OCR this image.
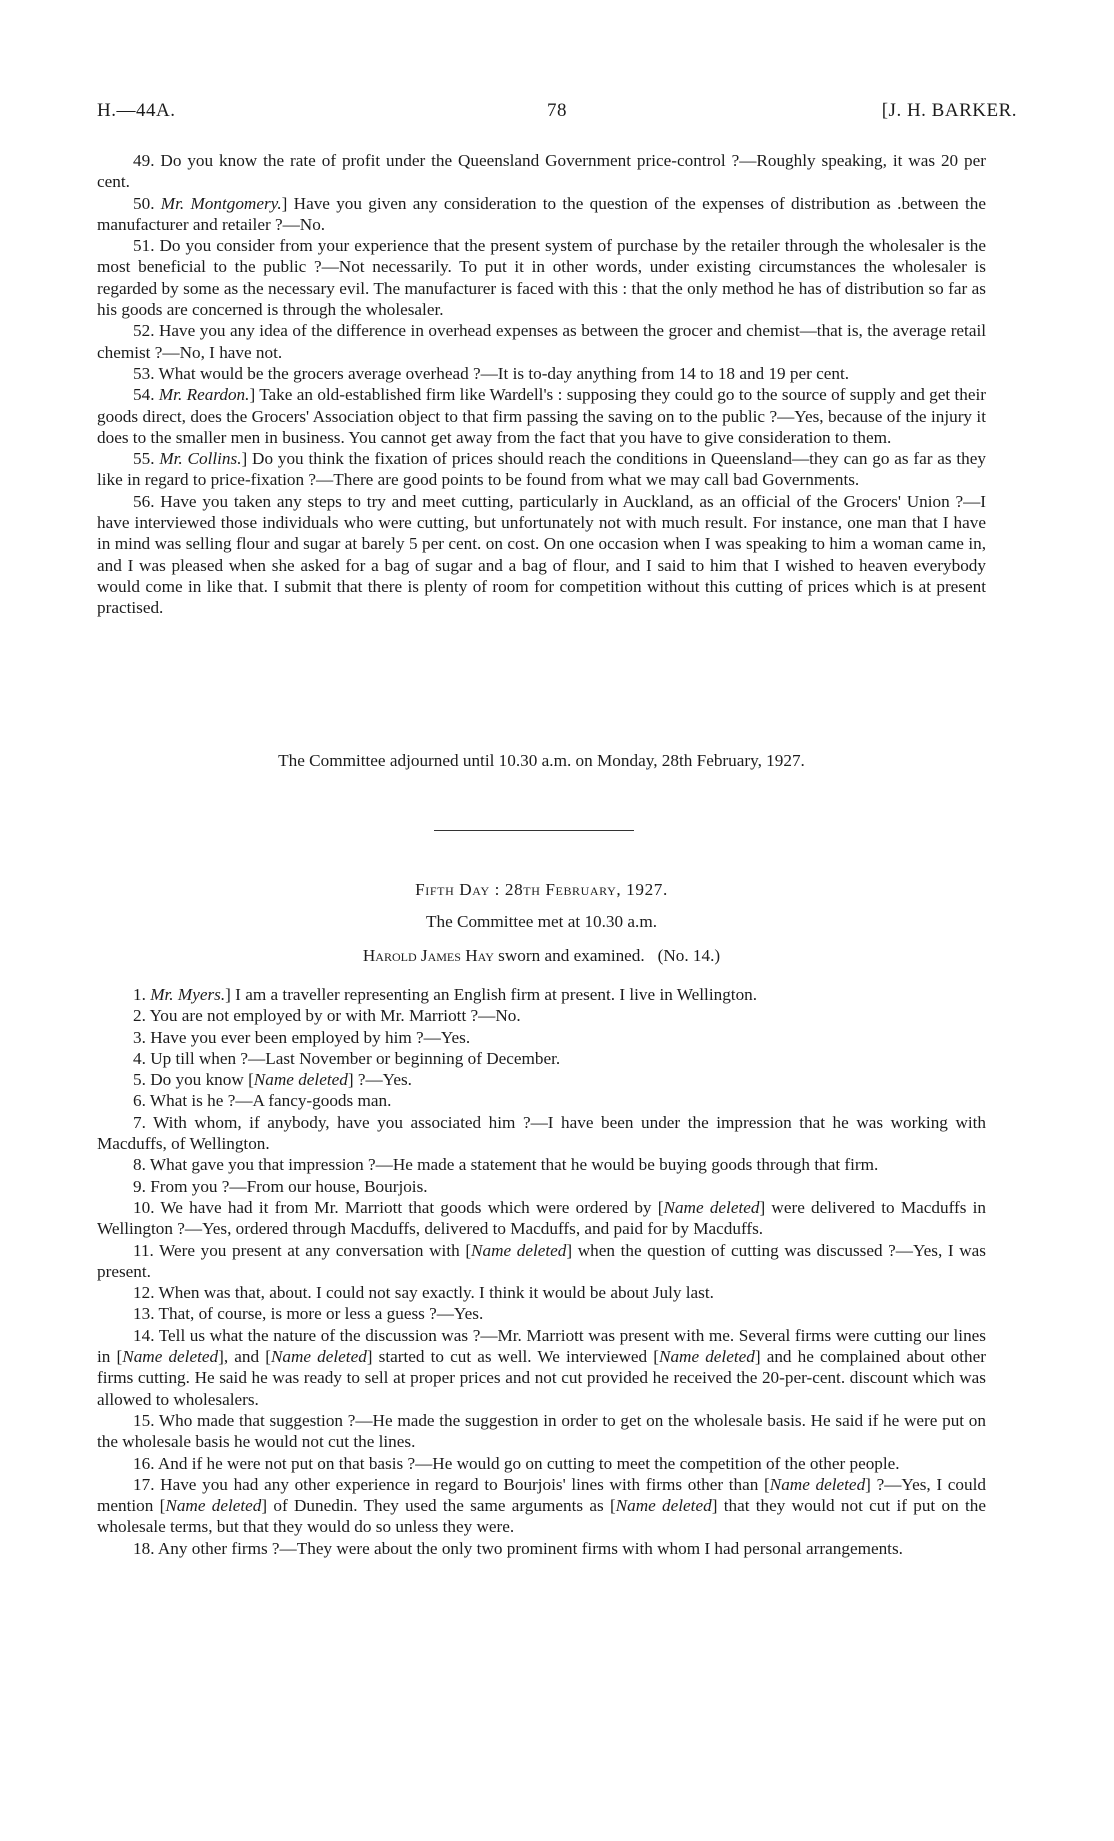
H.—44A.	78	[J. H. BARKER.

49. Do you know the rate of profit under the Queensland Government price-control ?—Roughly speaking, it was 20 per cent.

50. Mr. Montgomery.] Have you given any consideration to the question of the expenses of distribution as .between the manufacturer and retailer ?—No.

51. Do you consider from your experience that the present system of purchase by the retailer through the wholesaler is the most beneficial to the public ?—Not necessarily. To put it in other words, under existing circumstances the wholesaler is regarded by some as the necessary evil. The manufacturer is faced with this : that the only method he has of distribution so far as his goods are concerned is through the wholesaler.

52. Have you any idea of the difference in overhead expenses as between the grocer and chemist—that is, the average retail chemist ?—No, I have not.

53. What would be the grocers average overhead ?—It is to-day anything from 14 to 18 and 19 per cent.

54. Mr. Reardon.] Take an old-established firm like Wardell's : supposing they could go to the source of supply and get their goods direct, does the Grocers' Association object to that firm passing the saving on to the public ?—Yes, because of the injury it does to the smaller men in business. You cannot get away from the fact that you have to give consideration to them.

55. Mr. Collins.] Do you think the fixation of prices should reach the conditions in Queensland—they can go as far as they like in regard to price-fixation ?—There are good points to be found from what we may call bad Governments.

56. Have you taken any steps to try and meet cutting, particularly in Auckland, as an official of the Grocers' Union ?—I have interviewed those individuals who were cutting, but unfortunately not with much result. For instance, one man that I have in mind was selling flour and sugar at barely 5 per cent. on cost. On one occasion when I was speaking to him a woman came in, and I was pleased when she asked for a bag of sugar and a bag of flour, and I said to him that I wished to heaven everybody would come in like that. I submit that there is plenty of room for competition without this cutting of prices which is at present practised.

The Committee adjourned until 10.30 a.m. on Monday, 28th February, 1927.
Fifth Day : 28th February, 1927.
The Committee met at 10.30 a.m.
Harold James Hay sworn and examined. (No. 14.)

1. Mr. Myers.] I am a traveller representing an English firm at present. I live in Wellington.

2. You are not employed by or with Mr. Marriott ?—No.

3. Have you ever been employed by him ?—Yes.

4. Up till when ?—Last November or beginning of December.

5. Do you know [Name deleted] ?—Yes.

6. What is he ?—A fancy-goods man.

7. With whom, if anybody, have you associated him ?—I have been under the impression that he was working with Macduffs, of Wellington.

8. What gave you that impression ?—He made a statement that he would be buying goods through that firm.

9. From you ?—From our house, Bourjois.

10. We have had it from Mr. Marriott that goods which were ordered by [Name deleted] were delivered to Macduffs in Wellington ?—Yes, ordered through Macduffs, delivered to Macduffs, and paid for by Macduffs.

11. Were you present at any conversation with [Name deleted] when the question of cutting was discussed ?—Yes, I was present.

12. When was that, about. I could not say exactly. I think it would be about July last.

13. That, of course, is more or less a guess ?—Yes.

14. Tell us what the nature of the discussion was ?—Mr. Marriott was present with me. Several firms were cutting our lines in [Name deleted], and [Name deleted] started to cut as well. We interviewed [Name deleted] and he complained about other firms cutting. He said he was ready to sell at proper prices and not cut provided he received the 20-per-cent. discount which was allowed to wholesalers.

15. Who made that suggestion ?—He made the suggestion in order to get on the wholesale basis. He said if he were put on the wholesale basis he would not cut the lines.

16. And if he were not put on that basis ?—He would go on cutting to meet the competition of the other people.

17. Have you had any other experience in regard to Bourjois' lines with firms other than [Name deleted] ?—Yes, I could mention [Name deleted] of Dunedin. They used the same arguments as [Name deleted] that they would not cut if put on the wholesale terms, but that they would do so unless they were.

18. Any other firms ?—They were about the only two prominent firms with whom I had personal arrangements.
